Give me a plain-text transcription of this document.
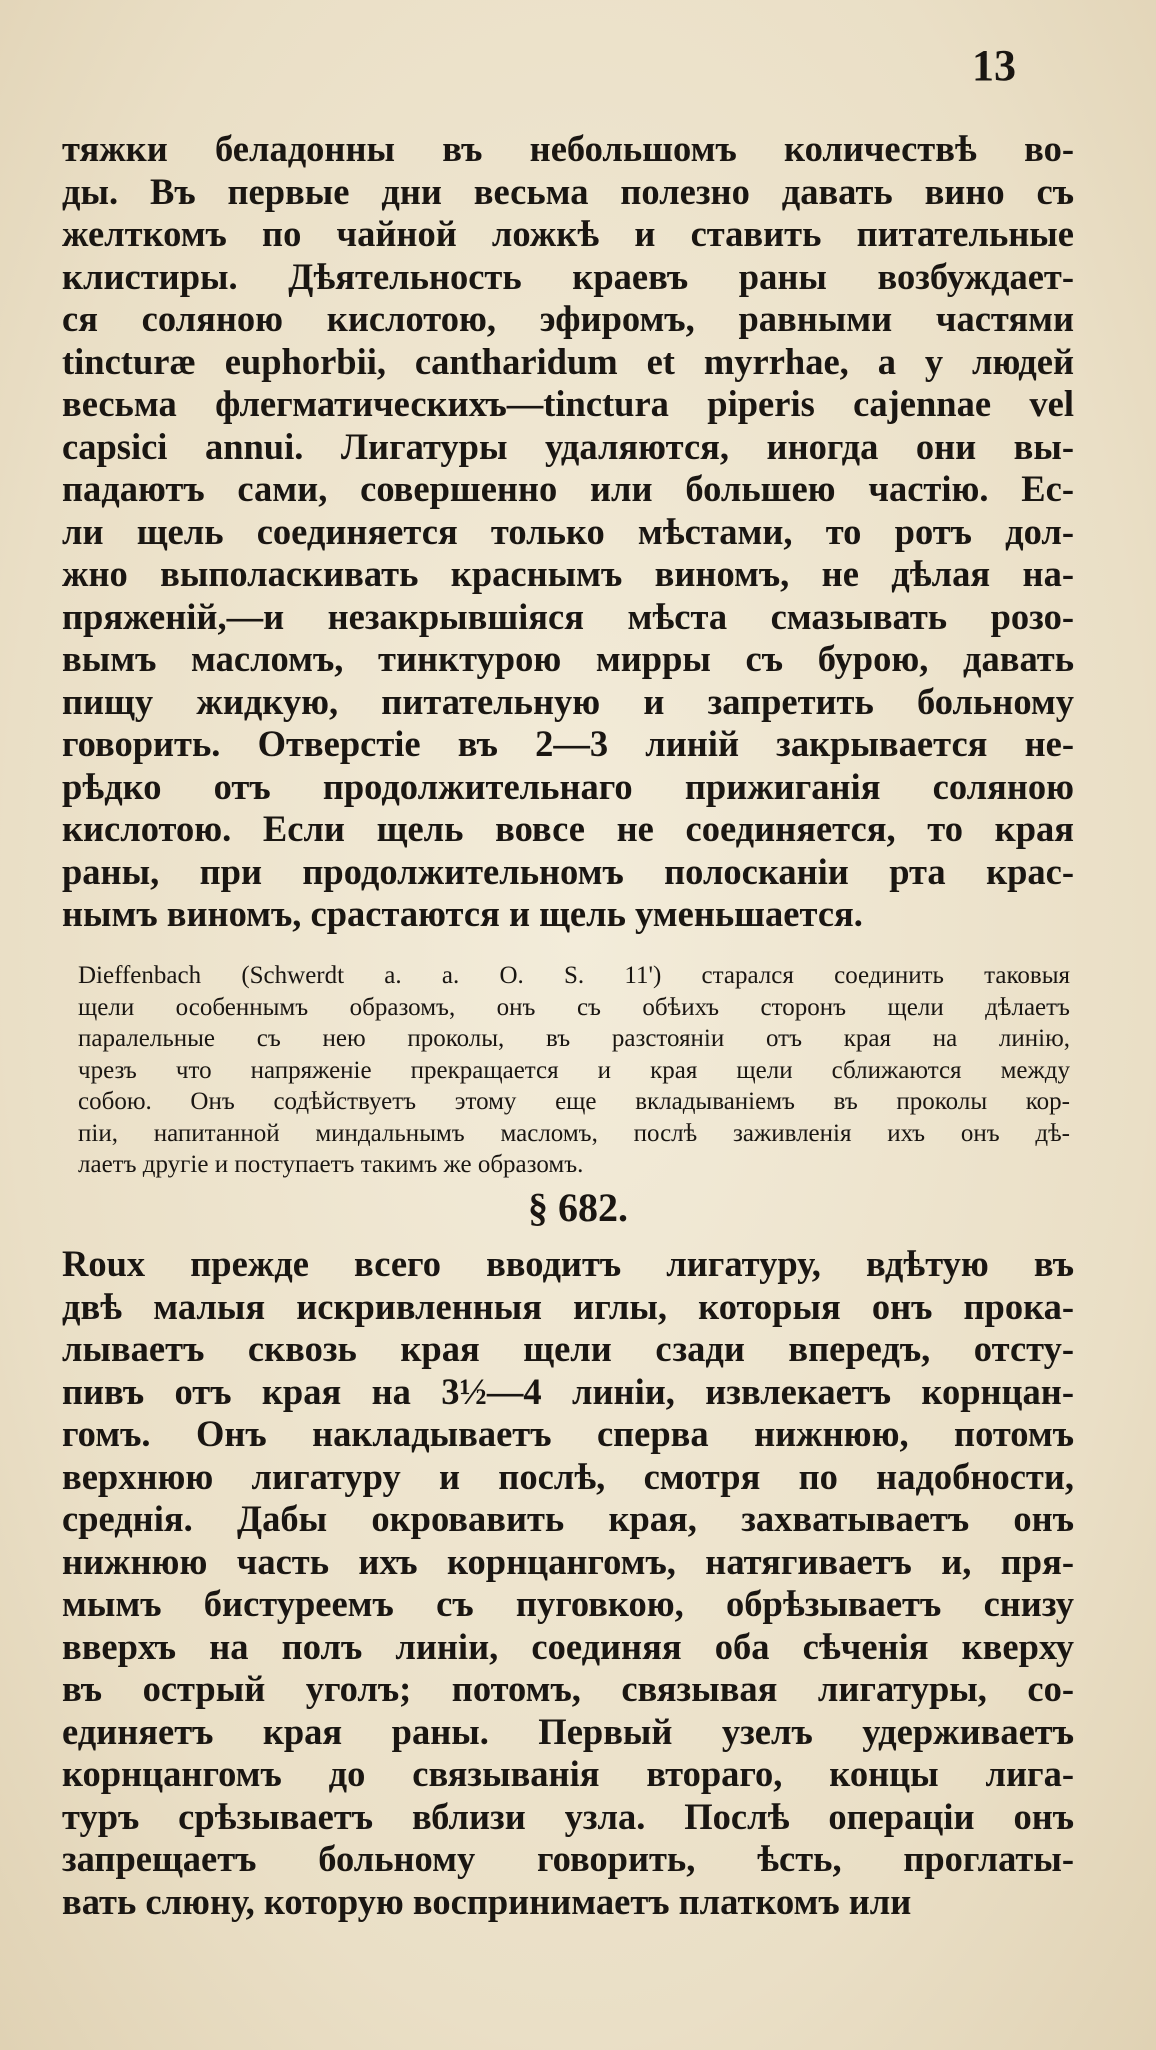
13

тяжки беладонны въ небольшомъ количествѣ во-

ды. Въ первые дни весьма полезно давать вино съ

желткомъ по чайной ложкѣ и ставить питательные

клистиры. Дѣятельность краевъ раны возбуждает-

ся соляною кислотою, эфиромъ, равными частями

tincturæ euphorbii, cantharidum et myrrhae, а у людей

весьма флегматическихъ—tinctura piperis cajennae vel

capsici annui. Лигатуры удаляются, иногда они вы-

падаютъ сами, совершенно или большею частію. Ес-

ли щель соединяется только мѣстами, то ротъ дол-

жно выполаскивать краснымъ виномъ, не дѣлая на-

пряженій,—и незакрывшіяся мѣста смазывать розо-

вымъ масломъ, тинктурою мирры съ бурою, давать

пищу жидкую, питательную и запретить больному

говорить. Отверстіе въ 2—3 линій закрывается не-

рѣдко отъ продолжительнаго прижиганія соляною

кислотою. Если щель вовсе не соединяется, то края

раны, при продолжительномъ полосканіи рта крас-

нымъ виномъ, срастаются и щель уменьшается.

Dieffenbach (Schwerdt a. a. O. S. 11') старался соединить таковыя

щели особеннымъ образомъ, онъ съ обѣихъ сторонъ щели дѣлаетъ

паралельные съ нею проколы, въ разстояніи отъ края на линію,

чрезъ что напряженіе прекращается и края щели сближаются между

собою. Онъ содѣйствуетъ этому еще вкладываніемъ въ проколы кор-

піи, напитанной миндальнымъ масломъ, послѣ заживленія ихъ онъ дѣ-

лаетъ другіе и поступаетъ такимъ же образомъ.

§ 682.

Roux прежде всего вводитъ лигатуру, вдѣтую въ

двѣ малыя искривленныя иглы, которыя онъ прока-

лываетъ сквозь края щели сзади впередъ, отсту-

пивъ отъ края на 3½—4 линіи, извлекаетъ корнцан-

гомъ. Онъ накладываетъ сперва нижнюю, потомъ

верхнюю лигатуру и послѣ, смотря по надобности,

среднія. Дабы окровавить края, захватываетъ онъ

нижнюю часть ихъ корнцангомъ, натягиваетъ и, пря-

мымъ бистуреемъ съ пуговкою, обрѣзываетъ снизу

вверхъ на полъ линіи, соединяя оба сѣченія кверху

въ острый уголъ; потомъ, связывая лигатуры, со-

единяетъ края раны. Первый узелъ удерживаетъ

корнцангомъ до связыванія втораго, концы лига-

туръ срѣзываетъ вблизи узла. Послѣ операціи онъ

запрещаетъ больному говорить, ѣсть, проглаты-

вать слюну, которую воспринимаетъ платкомъ или
